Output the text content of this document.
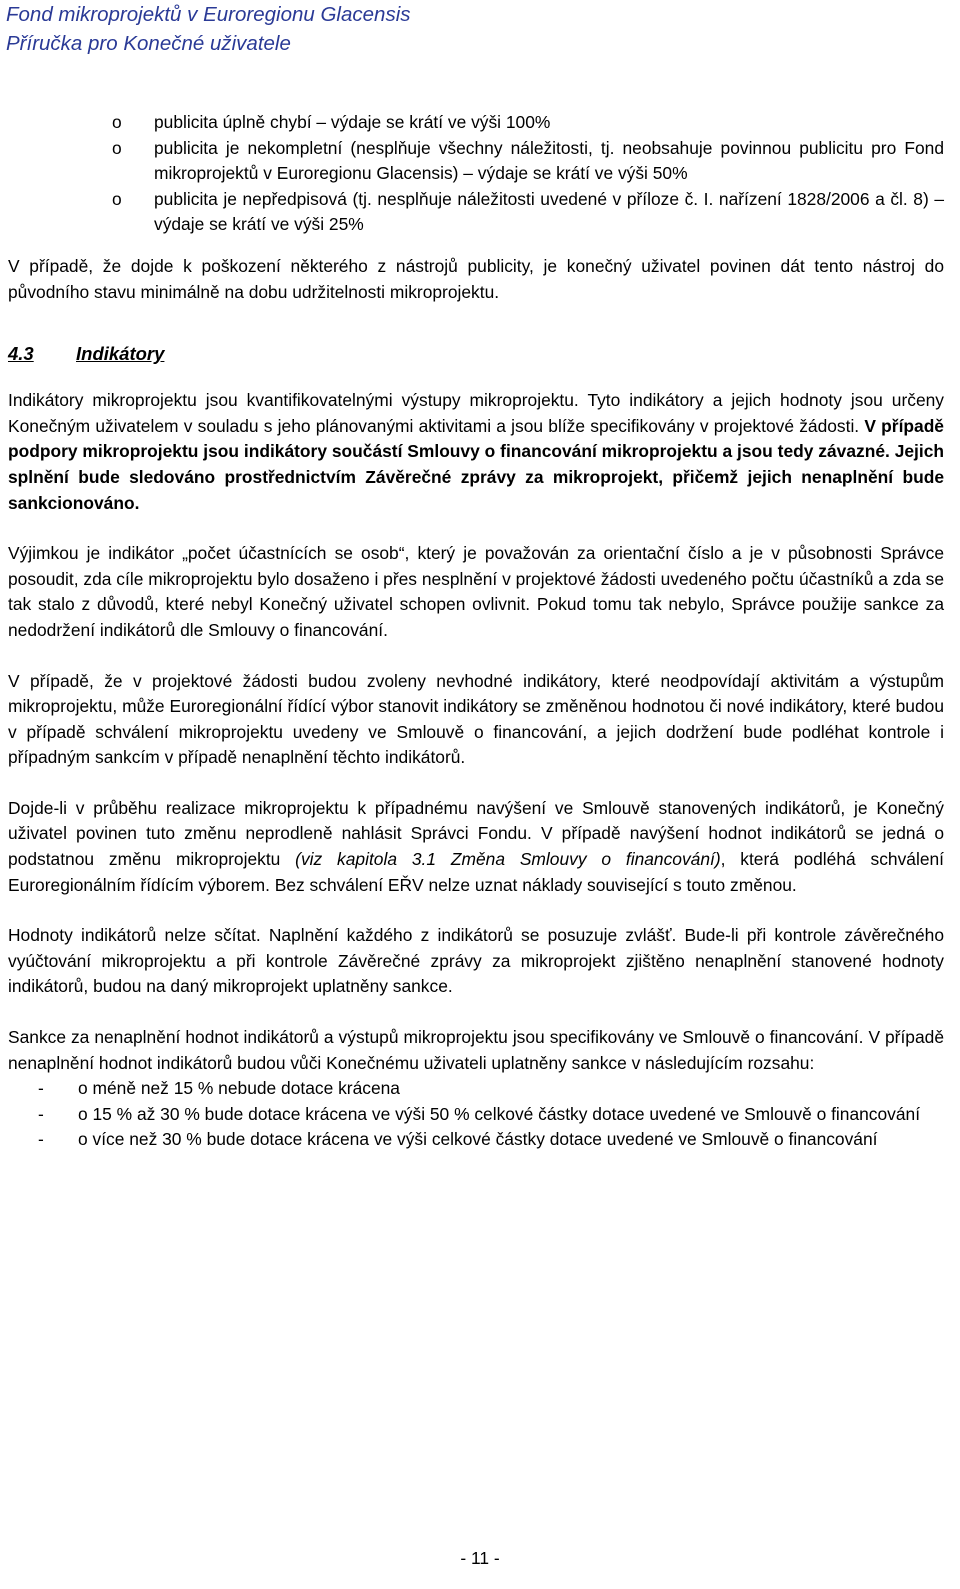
Fond mikroprojektů v Euroregionu Glacensis
Příručka pro Konečné uživatele
o publicita úplně chybí – výdaje se krátí ve výši 100%
o publicita je nekompletní (nesplňuje všechny náležitosti, tj. neobsahuje povinnou publicitu pro Fond mikroprojektů v Euroregionu Glacensis) – výdaje se krátí ve výši 50%
o publicita je nepředpisová (tj. nesplňuje náležitosti uvedené v příloze č. I. nařízení 1828/2006 a čl. 8) – výdaje se krátí ve výši 25%

V případě, že dojde k poškození některého z nástrojů publicity, je konečný uživatel povinen dát tento nástroj do původního stavu minimálně na dobu udržitelnosti mikroprojektu.

4.3	Indikátory

Indikátory mikroprojektu jsou kvantifikovatelnými výstupy mikroprojektu. Tyto indikátory a jejich hodnoty jsou určeny Konečným uživatelem v souladu s jeho plánovanými aktivitami a jsou blíže specifikovány v projektové žádosti. V případě podpory mikroprojektu jsou indikátory součástí Smlouvy o financování mikroprojektu a jsou tedy závazné. Jejich splnění bude sledováno prostřednictvím Závěrečné zprávy za mikroprojekt, přičemž jejich nenaplnění bude sankcionováno.

Výjimkou je indikátor „počet účastnících se osob“, který je považován za orientační číslo a je v působnosti Správce posoudit, zda cíle mikroprojektu bylo dosaženo i přes nesplnění v projektové žádosti uvedeného počtu účastníků a zda se tak stalo z důvodů, které nebyl Konečný uživatel schopen ovlivnit. Pokud tomu tak nebylo, Správce použije sankce za nedodržení indikátorů dle Smlouvy o financování.

V případě, že v projektové žádosti budou zvoleny nevhodné indikátory, které neodpovídají aktivitám a výstupům mikroprojektu, může Euroregionální řídící výbor stanovit indikátory se změněnou hodnotou či nové indikátory, které budou v případě schválení mikroprojektu uvedeny ve Smlouvě o financování, a jejich dodržení bude podléhat kontrole i případným sankcím v případě nenaplnění těchto indikátorů.

Dojde-li v průběhu realizace mikroprojektu k případnému navýšení ve Smlouvě stanovených indikátorů, je Konečný uživatel povinen tuto změnu neprodleně nahlásit Správci Fondu. V případě navýšení hodnot indikátorů se jedná o podstatnou změnu mikroprojektu (viz kapitola 3.1 Změna Smlouvy o financování), která podléhá schválení Euroregionálním řídícím výborem. Bez schválení EŘV nelze uznat náklady související s touto změnou.

Hodnoty indikátorů nelze sčítat. Naplnění každého z indikátorů se posuzuje zvlášť. Bude-li při kontrole závěrečného vyúčtování mikroprojektu a při kontrole Závěrečné zprávy za mikroprojekt zjištěno nenaplnění stanovené hodnoty indikátorů, budou na daný mikroprojekt uplatněny sankce.

Sankce za nenaplnění hodnot indikátorů a výstupů mikroprojektu jsou specifikovány ve Smlouvě o financování. V případě nenaplnění hodnot indikátorů budou vůči Konečnému uživateli uplatněny sankce v následujícím rozsahu:

- o méně než 15 % nebude dotace krácena
- o 15 % až 30 % bude dotace krácena ve výši 50 % celkové částky dotace uvedené ve Smlouvě o financování
- o více než 30 % bude dotace krácena ve výši celkové částky dotace uvedené ve Smlouvě o financování
- 11 -
